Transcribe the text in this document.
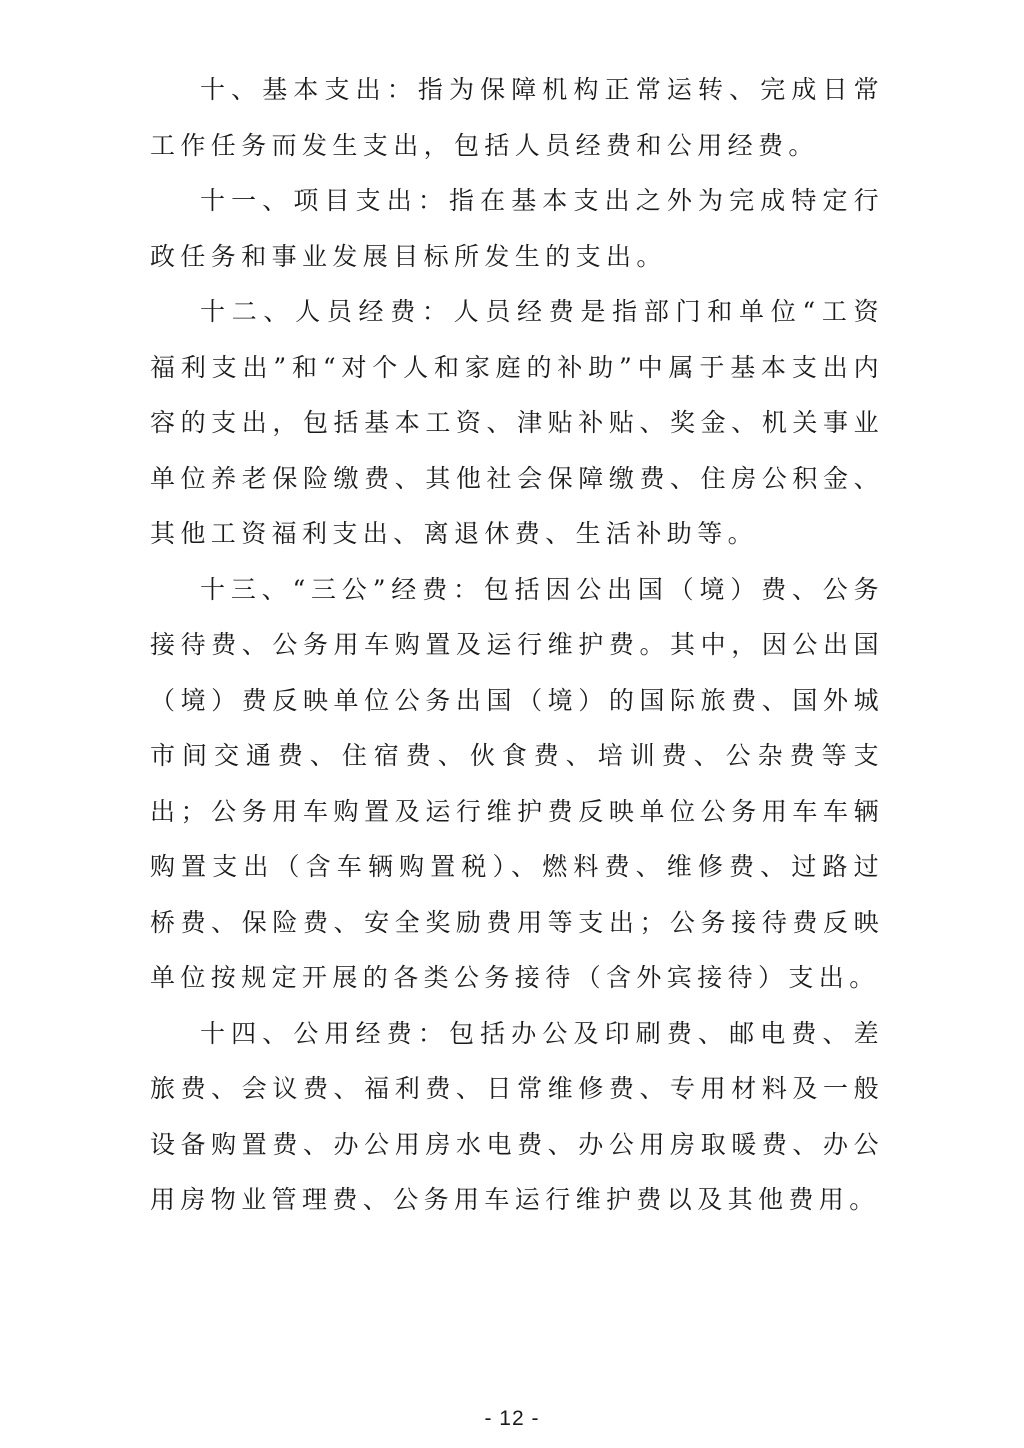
十、基本支出：指为保障机构正常运转、完成日常工作任务而发生支出，包括人员经费和公用经费。

十一、项目支出：指在基本支出之外为完成特定行政任务和事业发展目标所发生的支出。

十二、人员经费：人员经费是指部门和单位“工资福利支出”和“对个人和家庭的补助”中属于基本支出内容的支出，包括基本工资、津贴补贴、奖金、机关事业单位养老保险缴费、其他社会保障缴费、住房公积金、其他工资福利支出、离退休费、生活补助等。

十三、“三公”经费：包括因公出国（境）费、公务接待费、公务用车购置及运行维护费。其中，因公出国（境）费反映单位公务出国（境）的国际旅费、国外城市间交通费、住宿费、伙食费、培训费、公杂费等支出；公务用车购置及运行维护费反映单位公务用车车辆购置支出（含车辆购置税）、燃料费、维修费、过路过桥费、保险费、安全奖励费用等支出；公务接待费反映单位按规定开展的各类公务接待（含外宾接待）支出。

十四、公用经费：包括办公及印刷费、邮电费、差旅费、会议费、福利费、日常维修费、专用材料及一般设备购置费、办公用房水电费、办公用房取暖费、办公用房物业管理费、公务用车运行维护费以及其他费用。

- 12 -
